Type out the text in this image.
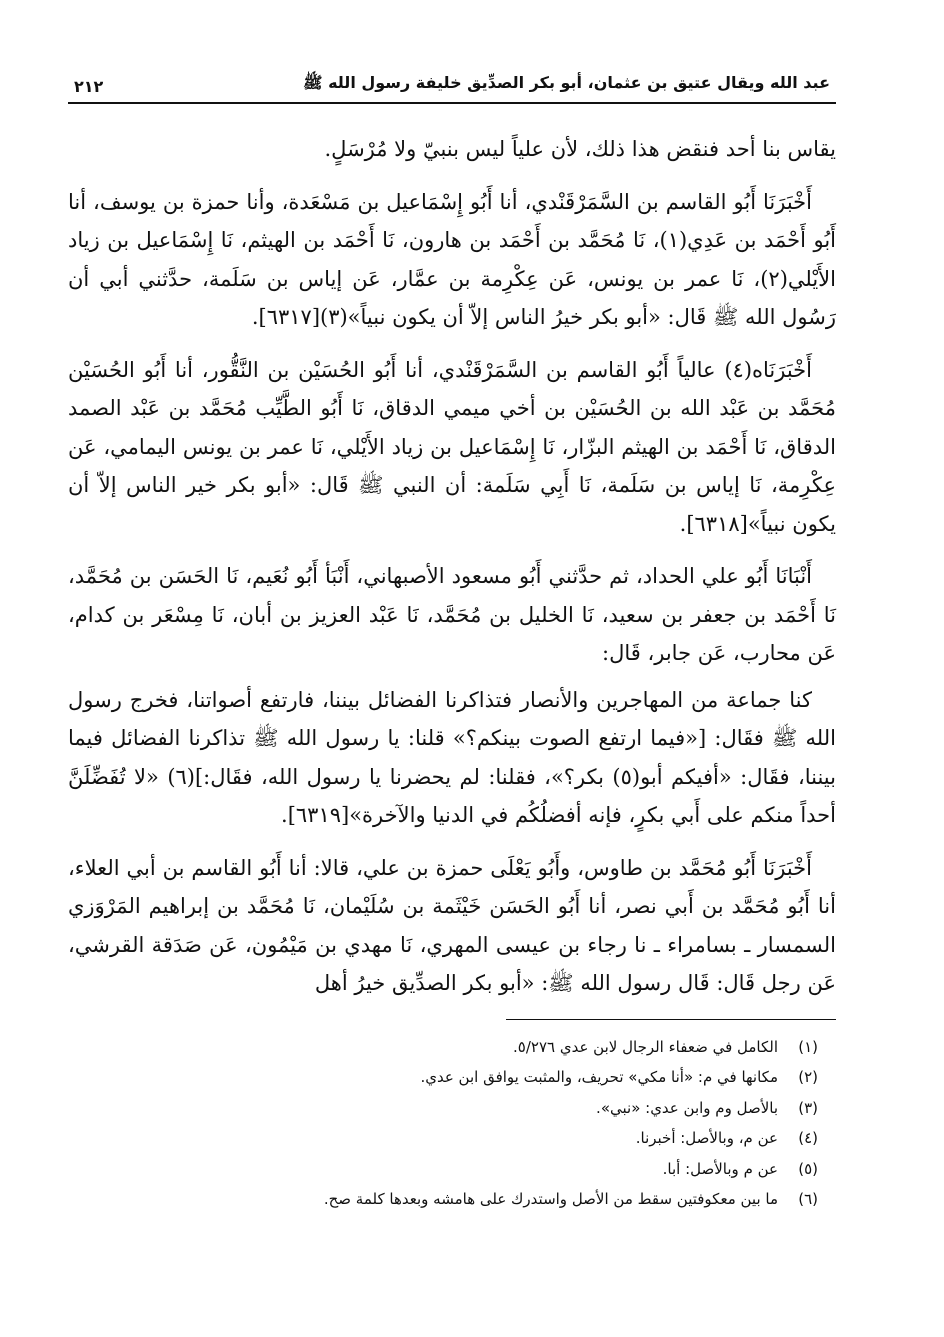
عبد الله ويقال عتيق بن عثمان، أبو بكر الصدِّيق خليفة رسول الله ﷺ
٢١٢

يقاس بنا أحد فنقض هذا ذلك، لأن علياً ليس بنبيّ ولا مُرْسَلٍ.

أَخْبَرَنَا أَبُو القاسم بن السَّمَرْقَنْدي، أنا أَبُو إِسْمَاعيل بن مَسْعَدة، وأنا حمزة بن يوسف، أنا أَبُو أَحْمَد بن عَدِي(١)، نَا مُحَمَّد بن أَحْمَد بن هارون، نَا أَحْمَد بن الهيثم، نَا إِسْمَاعيل بن زياد الأَيْلي(٢)، نَا عمر بن يونس، عَن عِكْرِمة بن عمَّار، عَن إياس بن سَلَمة، حدَّثني أبي أن رَسُول الله ﷺ قَال: «أبو بكر خيرُ الناس إلاّ أن يكون نبياً»(٣)[٦٣١٧].

أَخْبَرَنَاه(٤) عالياً أَبُو القاسم بن السَّمَرْقَنْدي، أنا أَبُو الحُسَيْن بن النَّقُّور، أنا أَبُو الحُسَيْن مُحَمَّد بن عَبْد الله بن الحُسَيْن بن أخي ميمي الدقاق، نَا أَبُو الطَّيِّب مُحَمَّد بن عَبْد الصمد الدقاق، نَا أَحْمَد بن الهيثم البزّار، نَا إِسْمَاعيل بن زياد الأَيْلي، نَا عمر بن يونس اليمامي، عَن عِكْرِمة، نَا إياس بن سَلَمة، نَا أَبِي سَلَمة: أن النبي ﷺ قَال: «أبو بكر خير الناس إلاّ أن يكون نبياً»[٦٣١٨].

أَنْبَانَا أَبُو علي الحداد، ثم حدَّثني أَبُو مسعود الأصبهاني، أَنْبَأ أَبُو نُعَيم، نَا الحَسَن بن مُحَمَّد، نَا أَحْمَد بن جعفر بن سعيد، نَا الخليل بن مُحَمَّد، نَا عَبْد العزيز بن أبان، نَا مِسْعَر بن كدام، عَن محارب، عَن جابر، قَال:

كنا جماعة من المهاجرين والأنصار فتذاكرنا الفضائل بيننا، فارتفع أصواتنا، فخرج رسول الله ﷺ فقَال: [«فيما ارتفع الصوت بينكم؟» قلنا: يا رسول الله ﷺ تذاكرنا الفضائل فيما بيننا، فقَال: «أفيكم أبو(٥) بكر؟»، فقلنا: لم يحضرنا يا رسول الله، فقَال:](٦) «لا تُفَضِّلَنَّ أحداً منكم على أَبي بكرٍ، فإنه أفضلُكُم في الدنيا والآخرة»[٦٣١٩].

أَخْبَرَنَا أَبُو مُحَمَّد بن طاوس، وأَبُو يَعْلَى حمزة بن علي، قالا: أنا أَبُو القاسم بن أبي العلاء، أنا أَبُو مُحَمَّد بن أَبي نصر، أنا أَبُو الحَسَن خَيْثَمة بن سُلَيْمان، نَا مُحَمَّد بن إبراهيم المَرْوَزي السمسار ـ بسامراء ـ نا رجاء بن عيسى المهري، نَا مهدي بن مَيْمُون، عَن صَدَقة القرشي، عَن رجل قَال: قَال رسول الله ﷺ: «أبو بكر الصدِّيق خيرُ أهل

(١)
الكامل في ضعفاء الرجال لابن عدي ٥/٢٧٦.
(٢)
مكانها في م: «أنا مكي» تحريف، والمثبت يوافق ابن عدي.
(٣)
بالأصل وم وابن عدي: «نبي».
(٤)
عن م، وبالأصل: أخبرنا.
(٥)
عن م وبالأصل: أبا.
(٦)
ما بين معكوفتين سقط من الأصل واستدرك على هامشه وبعدها كلمة صح.
